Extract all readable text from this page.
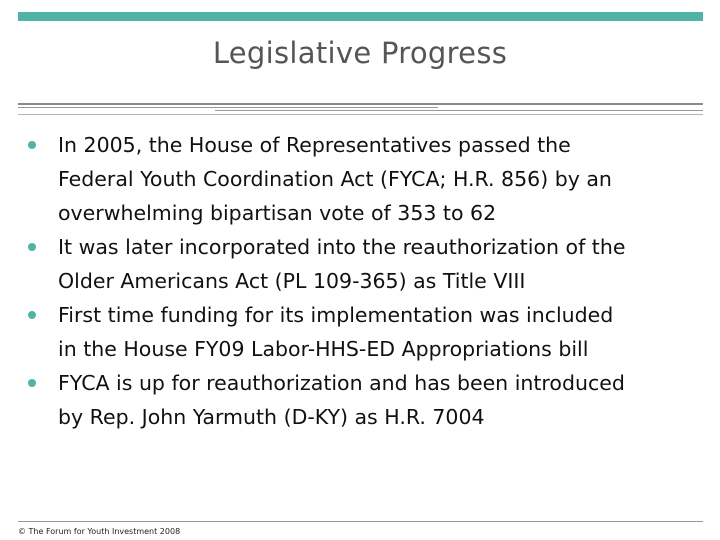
Legislative Progress
In 2005, the House of Representatives passed the
Federal Youth Coordination Act (FYCA; H.R. 856) by an
overwhelming bipartisan vote of 353 to 62
It was later incorporated into the reauthorization of the
Older Americans Act (PL 109-365) as Title VIII
First time funding for its implementation was included
in the House FY09 Labor-HHS-ED Appropriations bill
FYCA is up for reauthorization and has been introduced
by Rep. John Yarmuth (D-KY) as H.R. 7004
© The Forum for Youth Investment 2008
